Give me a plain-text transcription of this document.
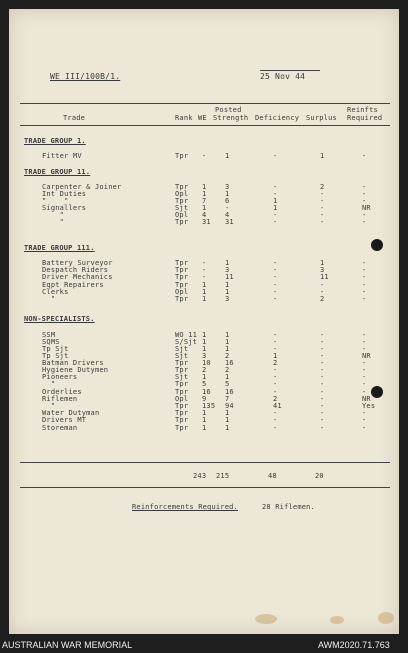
WE III/100B/1.	25 Nov 44
Posted	Reinfts
Trade	Rank WE Strength Deficiency Surplus Required
TRADE GROUP 1.
Fitter MV	Tpr -	1	-	1	-
TRADE GROUP 11.
Carpenter & Joiner	Tpr 1	3	-	2	-
Int Duties	Opl 1	1	-	-	-
"    "	Tpr 7	6	1	-	-
Signallers	Sjt 1	-	1	-	NR
"	Opl 4	4	-	-	-
"	Tpr 31 31	-	-	-
TRADE GROUP 111.
Battery Surveyor	Tpr -	1	-	1	-
Despatch Riders	Tpr -	3	-	3	-
Driver Mechanics	Tpr -	11	-	11	-
Eqpt Repairers	Tpr 1	1	-	-	-
Clerks	Opl 1	1	-	-	-
"	Tpr 1	3	-	2	-
NON-SPECIALISTS.
SSM	WO 11 1	1	-	-	-
SQMS	S/Sjt 1	1	-	-	-
Tp Sjt	Sjt 1	1	-	-	-
Tp Sjt	Sjt 3	2	1	-	NR
Batman Drivers	Tpr 10 16	2	-	-
Hygiene Dutymen	Tpr 2	2	-	-	-
Pioneers	Sjt 1	1	-	-	-
"	Tpr 5	5	-	-	-
Orderlies	Tpr 16 16	-	-	-
Riflemen	Opl 9	7	2	-	NR
"	Tpr 135 94	41	-	Yes
Water Dutyman	Tpr 1	1	-	-	-
Drivers MT	Tpr 1	1	-	-	-
Storeman	Tpr 1	1	-	-	-
243 215	48	20
Reinforcements Required.	28 Riflemen.
AUSTRALIAN WAR MEMORIAL	AWM2020.71.763
